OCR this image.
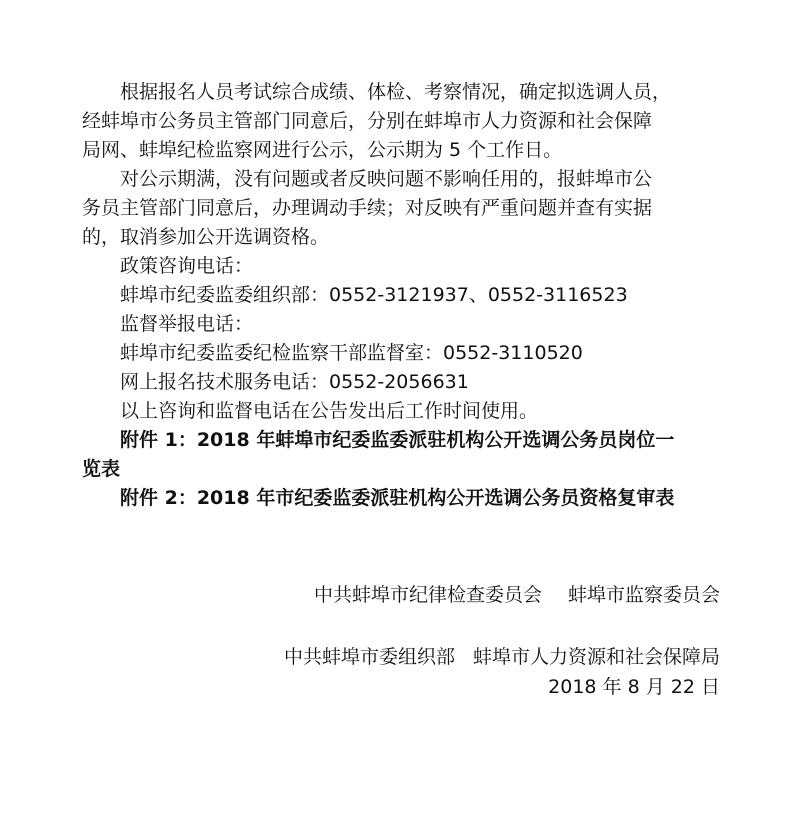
根据报名人员考试综合成绩、体检、考察情况，确定拟选调人员，
经蚌埠市公务员主管部门同意后，分别在蚌埠市人力资源和社会保障
局网、蚌埠纪检监察网进行公示，公示期为 5 个工作日。
对公示期满，没有问题或者反映问题不影响任用的，报蚌埠市公
务员主管部门同意后，办理调动手续；对反映有严重问题并查有实据
的，取消参加公开选调资格。
政策咨询电话：
蚌埠市纪委监委组织部：0552-3121937、0552-3116523
监督举报电话：
蚌埠市纪委监委纪检监察干部监督室：0552-3110520
网上报名技术服务电话：0552-2056631
以上咨询和监督电话在公告发出后工作时间使用。
附件 1：2018 年蚌埠市纪委监委派驻机构公开选调公务员岗位一
览表
附件 2：2018 年市纪委监委派驻机构公开选调公务员资格复审表
中共蚌埠市纪律检查委员会 蚌埠市监察委员会
中共蚌埠市委组织部 蚌埠市人力资源和社会保障局
2018 年 8 月 22 日
